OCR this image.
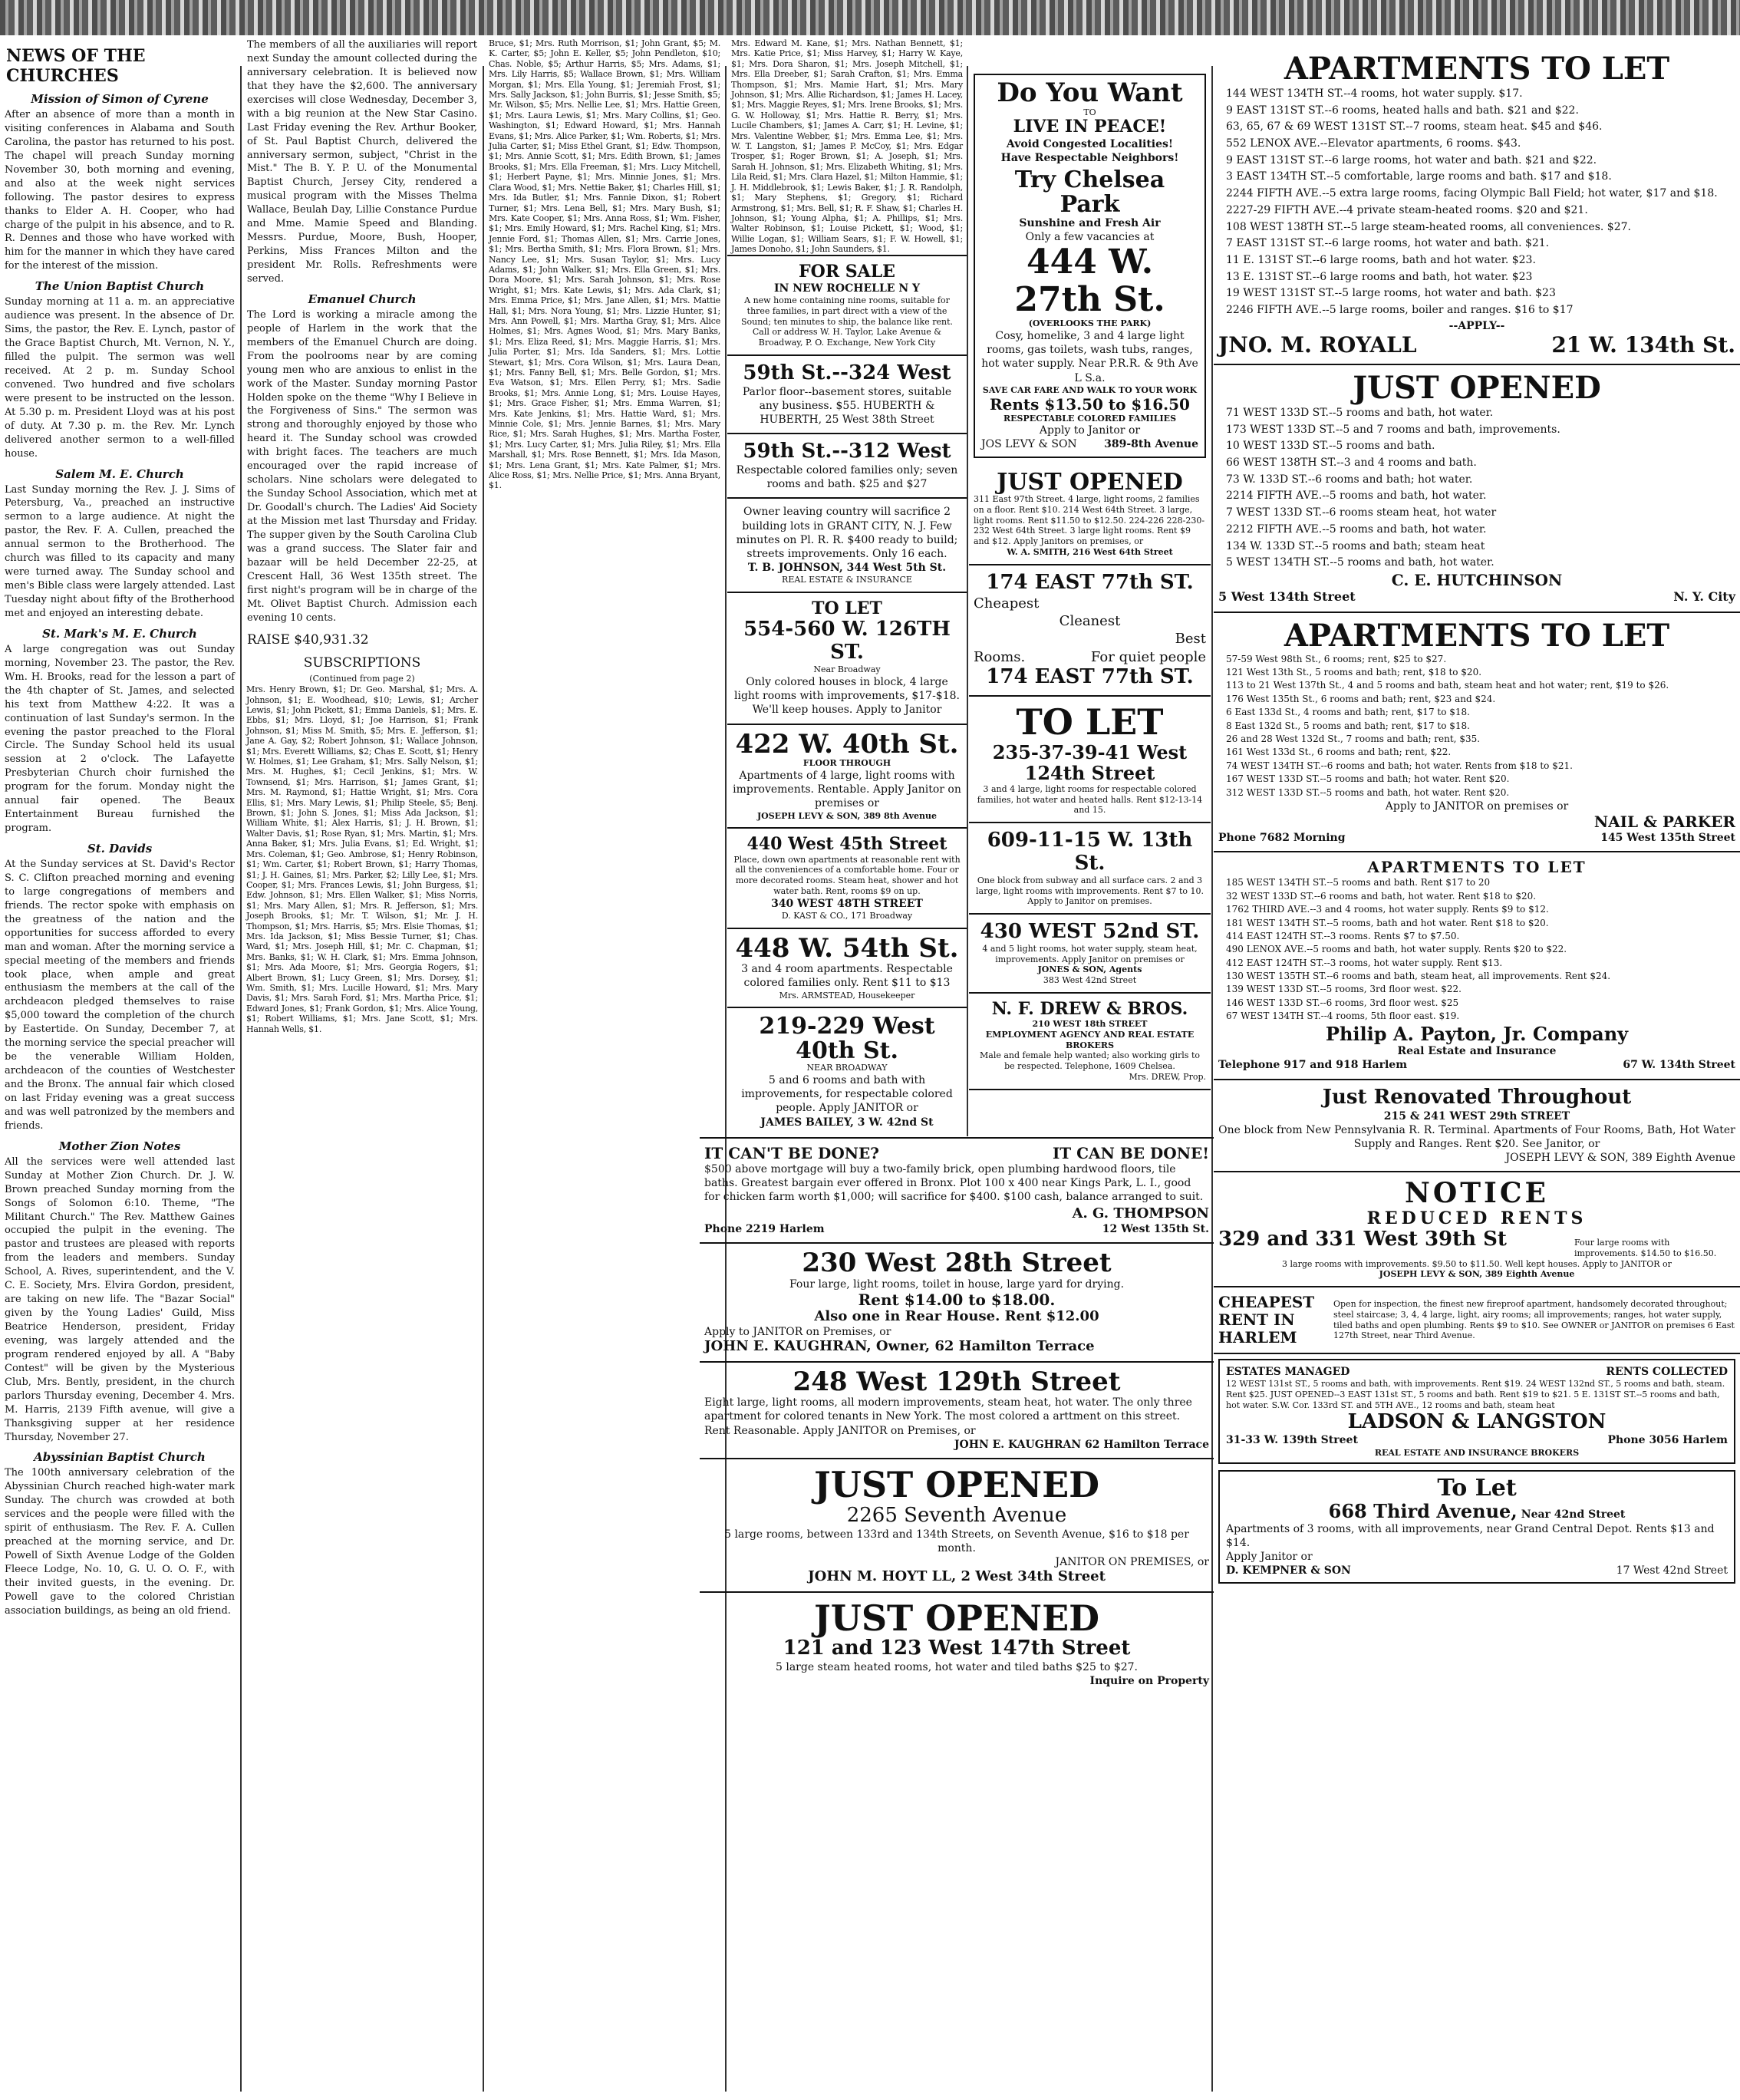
NEWS OF THE CHURCHES
Mission of Simon of Cyrene

After an absence of more than a month in visiting conferences in Alabama and South Carolina, the pastor has returned to his post. The chapel will preach Sunday morning November 30, both morning and evening, and also at the week night services following. The pastor desires to express thanks to Elder A. H. Cooper, who had charge of the pulpit in his absence, and to R. R. Dennes and those who have worked with him for the manner in which they have cared for the interest of the mission.

The Union Baptist Church

Sunday morning at 11 a. m. an appreciative audience was present. In the absence of Dr. Sims, the pastor, the Rev. E. Lynch, pastor of the Grace Baptist Church, Mt. Vernon, N. Y., filled the pulpit. The sermon was well received. At 2 p. m. Sunday School convened. Two hundred and five scholars were present to be instructed on the lesson. At 5.30 p. m. President Lloyd was at his post of duty. At 7.30 p. m. the Rev. Mr. Lynch delivered another sermon to a well-filled house.

Salem M. E. Church

Last Sunday morning the Rev. J. J. Sims of Petersburg, Va., preached an instructive sermon to a large audience. At night the pastor, the Rev. F. A. Cullen, preached the annual sermon to the Brotherhood. The church was filled to its capacity and many were turned away. The Sunday school and men's Bible class were largely attended. Last Tuesday night about fifty of the Brotherhood met and enjoyed an interesting debate.

St. Mark's M. E. Church

A large congregation was out Sunday morning, November 23. The pastor, the Rev. Wm. H. Brooks, read for the lesson a part of the 4th chapter of St. James, and selected his text from Matthew 4:22. It was a continuation of last Sunday's sermon. In the evening the pastor preached to the Floral Circle. The Sunday School held its usual session at 2 o'clock. The Lafayette Presbyterian Church choir furnished the program for the forum. Monday night the annual fair opened. The Beaux Entertainment Bureau furnished the program.

St. Davids

At the Sunday services at St. David's Rector S. C. Clifton preached morning and evening to large congregations of members and friends. The rector spoke with emphasis on the greatness of the nation and the opportunities for success afforded to every man and woman. After the morning service a special meeting of the members and friends took place, when ample and great enthusiasm the members at the call of the archdeacon pledged themselves to raise $5,000 toward the completion of the church by Eastertide. On Sunday, December 7, at the morning service the special preacher will be the venerable William Holden, archdeacon of the counties of Westchester and the Bronx. The annual fair which closed on last Friday evening was a great success and was well patronized by the members and friends.

Mother Zion Notes

All the services were well attended last Sunday at Mother Zion Church. Dr. J. W. Brown preached Sunday morning from the Songs of Solomon 6:10. Theme, "The Militant Church." The Rev. Matthew Gaines occupied the pulpit in the evening. The pastor and trustees are pleased with reports from the leaders and members. Sunday School, A. Rives, superintendent, and the V. C. E. Society, Mrs. Elvira Gordon, president, are taking on new life. The "Bazar Social" given by the Young Ladies' Guild, Miss Beatrice Henderson, president, Friday evening, was largely attended and the program rendered enjoyed by all. A "Baby Contest" will be given by the Mysterious Club, Mrs. Bently, president, in the church parlors Thursday evening, December 4. Mrs. M. Harris, 2139 Fifth avenue, will give a Thanksgiving supper at her residence Thursday, November 27.

Abyssinian Baptist Church

The 100th anniversary celebration of the Abyssinian Church reached high-water mark Sunday. The church was crowded at both services and the people were filled with the spirit of enthusiasm. The Rev. F. A. Cullen preached at the morning service, and Dr. Powell of Sixth Avenue Lodge of the Golden Fleece Lodge, No. 10, G. U. O. O. F., with their invited guests, in the evening. Dr. Powell gave to the colored Christian association buildings, as being an old friend.

The members of all the auxiliaries will report next Sunday the amount collected during the anniversary celebration. It is believed now that they have the $2,600. The anniversary exercises will close Wednesday, December 3, with a big reunion at the New Star Casino. Last Friday evening the Rev. Arthur Booker, of St. Paul Baptist Church, delivered the anniversary sermon, subject, "Christ in the Mist." The B. Y. P. U. of the Monumental Baptist Church, Jersey City, rendered a musical program with the Misses Thelma Wallace, Beulah Day, Lillie Constance Purdue and Mme. Mamie Speed and Blanding. Messrs. Purdue, Moore, Bush, Hooper, Perkins, Miss Frances Milton and the president Mr. Rolls. Refreshments were served.

Emanuel Church

The Lord is working a miracle among the people of Harlem in the work that the members of the Emanuel Church are doing. From the poolrooms near by are coming young men who are anxious to enlist in the work of the Master. Sunday morning Pastor Holden spoke on the theme "Why I Believe in the Forgiveness of Sins." The sermon was strong and thoroughly enjoyed by those who heard it. The Sunday school was crowded with bright faces. The teachers are much encouraged over the rapid increase of scholars. Nine scholars were delegated to the Sunday School Association, which met at Dr. Goodall's church. The Ladies' Aid Society at the Mission met last Thursday and Friday. The supper given by the South Carolina Club was a grand success. The Slater fair and bazaar will be held December 22-25, at Crescent Hall, 36 West 135th street. The first night's program will be in charge of the Mt. Olivet Baptist Church. Admission each evening 10 cents.

RAISE $40,931.32
SUBSCRIPTIONS
(Continued from page 2)

Mrs. Henry Brown, $1; Dr. Geo. Marshal, $1; Mrs. A. Johnson, $1; E. Woodhead, $10; Lewis, $1; Archer Lewis, $1; John Pickett, $1; Emma Daniels, $1; Mrs. E. Ebbs, $1; Mrs. Lloyd, $1; Joe Harrison, $1; Frank Johnson, $1; Miss M. Smith, $5; Mrs. E. Jefferson, $1; Jane A. Gay, $2; Robert Johnson, $1; Wallace Johnson, $1; Mrs. Everett Williams, $2; Chas E. Scott, $1; Henry W. Holmes, $1; Lee Graham, $1; Mrs. Sally Nelson, $1; Mrs. M. Hughes, $1; Cecil Jenkins, $1; Mrs. W. Townsend, $1; Mrs. Harrison, $1; James Grant, $1; Mrs. M. Raymond, $1; Hattie Wright, $1; Mrs. Cora Ellis, $1; Mrs. Mary Lewis, $1; Philip Steele, $5; Benj. Brown, $1; John S. Jones, $1; Miss Ada Jackson, $1; William White, $1; Alex Harris, $1; J. H. Brown, $1; Walter Davis, $1; Rose Ryan, $1; Mrs. Martin, $1; Mrs. Anna Baker, $1; Mrs. Julia Evans, $1; Ed. Wright, $1; Mrs. Coleman, $1; Geo. Ambrose, $1; Henry Robinson, $1; Wm. Carter, $1; Robert Brown, $1; Harry Thomas, $1; J. H. Gaines, $1; Mrs. Parker, $2; Lilly Lee, $1; Mrs. Cooper, $1; Mrs. Frances Lewis, $1; John Burgess, $1; Edw. Johnson, $1; Mrs. Ellen Walker, $1; Miss Norris, $1; Mrs. Mary Allen, $1; Mrs. R. Jefferson, $1; Mrs. Joseph Brooks, $1; Mr. T. Wilson, $1; Mr. J. H. Thompson, $1; Mrs. Harris, $5; Mrs. Elsie Thomas, $1; Mrs. Ida Jackson, $1; Miss Bessie Turner, $1; Chas. Ward, $1; Mrs. Joseph Hill, $1; Mr. C. Chapman, $1; Mrs. Banks, $1; W. H. Clark, $1; Mrs. Emma Johnson, $1; Mrs. Ada Moore, $1; Mrs. Georgia Rogers, $1; Albert Brown, $1; Lucy Green, $1; Mrs. Dorsey, $1; Wm. Smith, $1; Mrs. Lucille Howard, $1; Mrs. Mary Davis, $1; Mrs. Sarah Ford, $1; Mrs. Martha Price, $1; Edward Jones, $1; Frank Gordon, $1; Mrs. Alice Young, $1; Robert Williams, $1; Mrs. Jane Scott, $1; Mrs. Hannah Wells, $1.

Bruce, $1; Mrs. Ruth Morrison, $1; John Grant, $5; M. K. Carter, $5; John E. Keller, $5; John Pendleton, $10; Chas. Noble, $5; Arthur Harris, $5; Mrs. Adams, $1; Mrs. Lily Harris, $5; Wallace Brown, $1; Mrs. William Morgan, $1; Mrs. Ella Young, $1; Jeremiah Frost, $1; Mrs. Sally Jackson, $1; John Burris, $1; Jesse Smith, $5; Mr. Wilson, $5; Mrs. Nellie Lee, $1; Mrs. Hattie Green, $1; Mrs. Laura Lewis, $1; Mrs. Mary Collins, $1; Geo. Washington, $1; Edward Howard, $1; Mrs. Hannah Evans, $1; Mrs. Alice Parker, $1; Wm. Roberts, $1; Mrs. Julia Carter, $1; Miss Ethel Grant, $1; Edw. Thompson, $1; Mrs. Annie Scott, $1; Mrs. Edith Brown, $1; James Brooks, $1; Mrs. Ella Freeman, $1; Mrs. Lucy Mitchell, $1; Herbert Payne, $1; Mrs. Minnie Jones, $1; Mrs. Clara Wood, $1; Mrs. Nettie Baker, $1; Charles Hill, $1; Mrs. Ida Butler, $1; Mrs. Fannie Dixon, $1; Robert Turner, $1; Mrs. Lena Bell, $1; Mrs. Mary Bush, $1; Mrs. Kate Cooper, $1; Mrs. Anna Ross, $1; Wm. Fisher, $1; Mrs. Emily Howard, $1; Mrs. Rachel King, $1; Mrs. Jennie Ford, $1; Thomas Allen, $1; Mrs. Carrie Jones, $1; Mrs. Bertha Smith, $1; Mrs. Flora Brown, $1; Mrs. Nancy Lee, $1; Mrs. Susan Taylor, $1; Mrs. Lucy Adams, $1; John Walker, $1; Mrs. Ella Green, $1; Mrs. Dora Moore, $1; Mrs. Sarah Johnson, $1; Mrs. Rose Wright, $1; Mrs. Kate Lewis, $1; Mrs. Ada Clark, $1; Mrs. Emma Price, $1; Mrs. Jane Allen, $1; Mrs. Mattie Hall, $1; Mrs. Nora Young, $1; Mrs. Lizzie Hunter, $1; Mrs. Ann Powell, $1; Mrs. Martha Gray, $1; Mrs. Alice Holmes, $1; Mrs. Agnes Wood, $1; Mrs. Mary Banks, $1; Mrs. Eliza Reed, $1; Mrs. Maggie Harris, $1; Mrs. Julia Porter, $1; Mrs. Ida Sanders, $1; Mrs. Lottie Stewart, $1; Mrs. Cora Wilson, $1; Mrs. Laura Dean, $1; Mrs. Fanny Bell, $1; Mrs. Belle Gordon, $1; Mrs. Eva Watson, $1; Mrs. Ellen Perry, $1; Mrs. Sadie Brooks, $1; Mrs. Annie Long, $1; Mrs. Louise Hayes, $1; Mrs. Grace Fisher, $1; Mrs. Emma Warren, $1; Mrs. Kate Jenkins, $1; Mrs. Hattie Ward, $1; Mrs. Minnie Cole, $1; Mrs. Jennie Barnes, $1; Mrs. Mary Rice, $1; Mrs. Sarah Hughes, $1; Mrs. Martha Foster, $1; Mrs. Lucy Carter, $1; Mrs. Julia Riley, $1; Mrs. Ella Marshall, $1; Mrs. Rose Bennett, $1; Mrs. Ida Mason, $1; Mrs. Lena Grant, $1; Mrs. Kate Palmer, $1; Mrs. Alice Ross, $1; Mrs. Nellie Price, $1; Mrs. Anna Bryant, $1.

Mrs. Edward M. Kane, $1; Mrs. Nathan Bennett, $1; Mrs. Katie Price, $1; Miss Harvey, $1; Harry W. Kaye, $1; Mrs. Dora Sharon, $1; Mrs. Joseph Mitchell, $1; Mrs. Ella Dreeber, $1; Sarah Crafton, $1; Mrs. Emma Thompson, $1; Mrs. Mamie Hart, $1; Mrs. Mary Johnson, $1; Mrs. Allie Richardson, $1; James H. Lacey, $1; Mrs. Maggie Reyes, $1; Mrs. Irene Brooks, $1; Mrs. G. W. Holloway, $1; Mrs. Hattie R. Berry, $1; Mrs. Lucile Chambers, $1; James A. Carr, $1; H. Levine, $1; Mrs. Valentine Webber, $1; Mrs. Emma Lee, $1; Mrs. W. T. Langston, $1; James P. McCoy, $1; Mrs. Edgar Trosper, $1; Roger Brown, $1; A. Joseph, $1; Mrs. Sarah H. Johnson, $1; Mrs. Elizabeth Whiting, $1; Mrs. Lila Reid, $1; Mrs. Clara Hazel, $1; Milton Hammie, $1; J. H. Middlebrook, $1; Lewis Baker, $1; J. R. Randolph, $1; Mary Stephens, $1; Gregory, $1; Richard Armstrong, $1; Mrs. Bell, $1; R. F. Shaw, $1; Charles H. Johnson, $1; Young Alpha, $1; A. Phillips, $1; Mrs. Walter Robinson, $1; Louise Pickett, $1; Wood, $1; Willie Logan, $1; William Sears, $1; F. W. Howell, $1; James Donoho, $1; John Saunders, $1.

FOR SALE
IN NEW ROCHELLE N Y
A new home containing nine rooms, suitable for three families, in part direct with a view of the Sound; ten minutes to ship, the balance like rent. Call or address W. H. Taylor, Lake Avenue & Broadway, P. O. Exchange, New York City
59th St.--324 West
Parlor floor--basement stores, suitable any business. $55. HUBERTH & HUBERTH, 25 West 38th Street
59th St.--312 West
Respectable colored families only; seven rooms and bath. $25 and $27
Owner leaving country will sacrifice 2 building lots in GRANT CITY, N. J. Few minutes on Pl. R. R. $400 ready to build; streets improvements. Only 16 each.
T. B. JOHNSON, 344 West 5th St.
REAL ESTATE & INSURANCE
TO LET
554-560 W. 126TH ST.
Near Broadway
Only colored houses in block, 4 large light rooms with improvements, $17-$18. We'll keep houses. Apply to Janitor
422 W. 40th St.
FLOOR THROUGH
Apartments of 4 large, light rooms with improvements. Rentable. Apply Janitor on premises or
JOSEPH LEVY & SON, 389 8th Avenue
440 West 45th Street
Place, down own apartments at reasonable rent with all the conveniences of a comfortable home. Four or more decorated rooms. Steam heat, shower and hot water bath. Rent, rooms $9 on up.
340 WEST 48TH STREET
D. KAST & CO., 171 Broadway
448 W. 54th St.
3 and 4 room apartments. Respectable colored families only. Rent $11 to $13
Mrs. ARMSTEAD, Housekeeper
219-229 West 40th St.
NEAR BROADWAY
5 and 6 rooms and bath with improvements, for respectable colored people. Apply JANITOR or
JAMES BAILEY, 3 W. 42nd St
Do You Want
TO
LIVE IN PEACE!
Avoid Congested Localities!
Have Respectable Neighbors!
Try Chelsea Park
Sunshine and Fresh Air
Only a few vacancies at
444 W. 27th St.
(OVERLOOKS THE PARK)
Cosy, homelike, 3 and 4 large light rooms, gas toilets, wash tubs, ranges, hot water supply. Near P.R.R. & 9th Ave L S.a.
SAVE CAR FARE AND WALK TO YOUR WORK
Rents $13.50 to $16.50
RESPECTABLE COLORED FAMILIES
Apply to Janitor or
JOS LEVY & SON	389-8th Avenue
JUST OPENED
311 East 97th Street. 4 large, light rooms, 2 families on a floor. Rent $10. 214 West 64th Street. 3 large, light rooms. Rent $11.50 to $12.50. 224-226 228-230-232 West 64th Street. 3 large light rooms. Rent $9 and $12. Apply Janitors on premises, or
W. A. SMITH, 216 West 64th Street
174 EAST 77th ST.
Cheapest
Cleanest
Best
Rooms.	For quiet people
174 EAST 77th ST.
TO LET
235-37-39-41 West 124th Street
3 and 4 large, light rooms for respectable colored families, hot water and heated halls. Rent $12-13-14 and 15.
609-11-15 W. 13th St.
One block from subway and all surface cars. 2 and 3 large, light rooms with improvements. Rent $7 to 10. Apply to Janitor on premises.
430 WEST 52nd ST.
4 and 5 light rooms, hot water supply, steam heat, improvements. Apply Janitor on premises or
JONES & SON, Agents
383 West 42nd Street
N. F. DREW & BROS.
210 WEST 18th STREET
EMPLOYMENT AGENCY AND REAL ESTATE BROKERS
Male and female help wanted; also working girls to be respected. Telephone, 1609 Chelsea.
Mrs. DREW, Prop.
IT CAN'T BE DONE?	IT CAN BE DONE!
$500 above mortgage will buy a two-family brick, open plumbing hardwood floors, tile baths. Greatest bargain ever offered in Bronx. Plot 100 x 400 near Kings Park, L. I., good for chicken farm worth $1,000; will sacrifice for $400. $100 cash, balance arranged to suit.
A. G. THOMPSON
Phone 2219 Harlem	12 West 135th St.
230 West 28th Street
Four large, light rooms, toilet in house, large yard for drying.
Rent $14.00 to $18.00.
Also one in Rear House. Rent $12.00
Apply to JANITOR on Premises, or
JOHN E. KAUGHRAN, Owner, 62 Hamilton Terrace
248 West 129th Street
Eight large, light rooms, all modern improvements, steam heat, hot water. The only three apartment for colored tenants in New York. The most colored a arttment on this street. Rent Reasonable. Apply JANITOR on Premises, or
JOHN E. KAUGHRAN 62 Hamilton Terrace
JUST OPENED
2265 Seventh Avenue
5 large rooms, between 133rd and 134th Streets, on Seventh Avenue, $16 to $18 per month.
JANITOR ON PREMISES, or
JOHN M. HOYT LL, 2 West 34th Street
JUST OPENED
121 and 123 West 147th Street
5 large steam heated rooms, hot water and tiled baths $25 to $27.
Inquire on Property
APARTMENTS TO LET
144 WEST 134TH ST.--4 rooms, hot water supply. $17.
9 EAST 131ST ST.--6 rooms, heated halls and bath. $21 and $22.
63, 65, 67 & 69 WEST 131ST ST.--7 rooms, steam heat. $45 and $46.
552 LENOX AVE.--Elevator apartments, 6 rooms. $43.
9 EAST 131ST ST.--6 large rooms, hot water and bath. $21 and $22.
3 EAST 134TH ST.--5 comfortable, large rooms and bath. $17 and $18.
2244 FIFTH AVE.--5 extra large rooms, facing Olympic Ball Field; hot water, $17 and $18.
2227-29 FIFTH AVE.--4 private steam-heated rooms. $20 and $21.
108 WEST 138TH ST.--5 large steam-heated rooms, all conveniences. $27.
7 EAST 131ST ST.--6 large rooms, hot water and bath. $21.
11 E. 131ST ST.--6 large rooms, bath and hot water. $23.
13 E. 131ST ST.--6 large rooms and bath, hot water. $23
19 WEST 131ST ST.--5 large rooms, hot water and bath. $23
2246 FIFTH AVE.--5 large rooms, boiler and ranges. $16 to $17
--APPLY--
JNO. M. ROYALL	21 W. 134th St.
JUST OPENED
71 WEST 133D ST.--5 rooms and bath, hot water.
173 WEST 133D ST.--5 and 7 rooms and bath, improvements.
10 WEST 133D ST.--5 rooms and bath.
66 WEST 138TH ST.--3 and 4 rooms and bath.
73 W. 133D ST.--6 rooms and bath; hot water.
2214 FIFTH AVE.--5 rooms and bath, hot water.
7 WEST 133D ST.--6 rooms steam heat, hot water
2212 FIFTH AVE.--5 rooms and bath, hot water.
134 W. 133D ST.--5 rooms and bath; steam heat
5 WEST 134TH ST.--5 rooms and bath, hot water.
C. E. HUTCHINSON
5 West 134th Street	N. Y. City
APARTMENTS TO LET
57-59 West 98th St., 6 rooms; rent, $25 to $27.
121 West 13th St., 5 rooms and bath; rent, $18 to $20.
113 to 21 West 137th St., 4 and 5 rooms and bath, steam heat and hot water; rent, $19 to $26.
176 West 135th St., 6 rooms and bath; rent, $23 and $24.
6 East 133d St., 4 rooms and bath; rent, $17 to $18.
8 East 132d St., 5 rooms and bath; rent, $17 to $18.
26 and 28 West 132d St., 7 rooms and bath; rent, $35.
161 West 133d St., 6 rooms and bath; rent, $22.
74 WEST 134TH ST.--6 rooms and bath; hot water. Rents from $18 to $21.
167 WEST 133D ST.--5 rooms and bath; hot water. Rent $20.
312 WEST 133D ST.--5 rooms and bath, hot water. Rent $20.
Apply to JANITOR on premises or
NAIL & PARKER
Phone 7682 Morning	145 West 135th Street
APARTMENTS TO LET
185 WEST 134TH ST.--5 rooms and bath. Rent $17 to 20
32 WEST 133D ST.--6 rooms and bath, hot water. Rent $18 to $20.
1762 THIRD AVE.--3 and 4 rooms, hot water supply. Rents $9 to $12.
181 WEST 134TH ST.--5 rooms, bath and hot water. Rent $18 to $20.
414 EAST 124TH ST.--3 rooms. Rents $7 to $7.50.
490 LENOX AVE.--5 rooms and bath, hot water supply. Rents $20 to $22.
412 EAST 124TH ST.--3 rooms, hot water supply. Rent $13.
130 WEST 135TH ST.--6 rooms and bath, steam heat, all improvements. Rent $24.
139 WEST 133D ST.--5 rooms, 3rd floor west. $22.
146 WEST 133D ST.--6 rooms, 3rd floor west. $25
67 WEST 134TH ST.--4 rooms, 5th floor east. $19.
Philip A. Payton, Jr. Company
Real Estate and Insurance
Telephone 917 and 918 Harlem	67 W. 134th Street
Just Renovated Throughout
215 & 241 WEST 29th STREET
One block from New Pennsylvania R. R. Terminal. Apartments of Four Rooms, Bath, Hot Water Supply and Ranges. Rent $20. See Janitor, or
JOSEPH LEVY & SON, 389 Eighth Avenue
NOTICE
REDUCED RENTS
329 and 331 West 39th St	Four large rooms with improvements. $14.50 to $16.50.
3 large rooms with improvements. $9.50 to $11.50. Well kept houses. Apply to JANITOR or
JOSEPH LEVY & SON, 389 Eighth Avenue
CHEAPEST
RENT IN
HARLEM
Open for inspection, the finest new fireproof apartment, handsomely decorated throughout; steel staircase; 3, 4, 4 large, light, airy rooms; all improvements; ranges, hot water supply, tiled baths and open plumbing. Rents $9 to $10. See OWNER or JANITOR on premises 6 East 127th Street, near Third Avenue.
ESTATES MANAGED	RENTS COLLECTED
12 WEST 131st ST., 5 rooms and bath, with improvements. Rent $19. 24 WEST 132nd ST., 5 rooms and bath, steam. Rent $25. JUST OPENED--3 EAST 131st ST., 5 rooms and bath. Rent $19 to $21. 5 E. 131ST ST.--5 rooms and bath, hot water. S.W. Cor. 133rd ST. and 5TH AVE., 12 rooms and bath, steam heat
LADSON & LANGSTON
31-33 W. 139th Street	Phone 3056 Harlem
REAL ESTATE AND INSURANCE BROKERS
To Let
668 Third Avenue, Near 42nd Street
Apartments of 3 rooms, with all improvements, near Grand Central Depot. Rents $13 and $14.
Apply Janitor or
D. KEMPNER & SON	17 West 42nd Street
